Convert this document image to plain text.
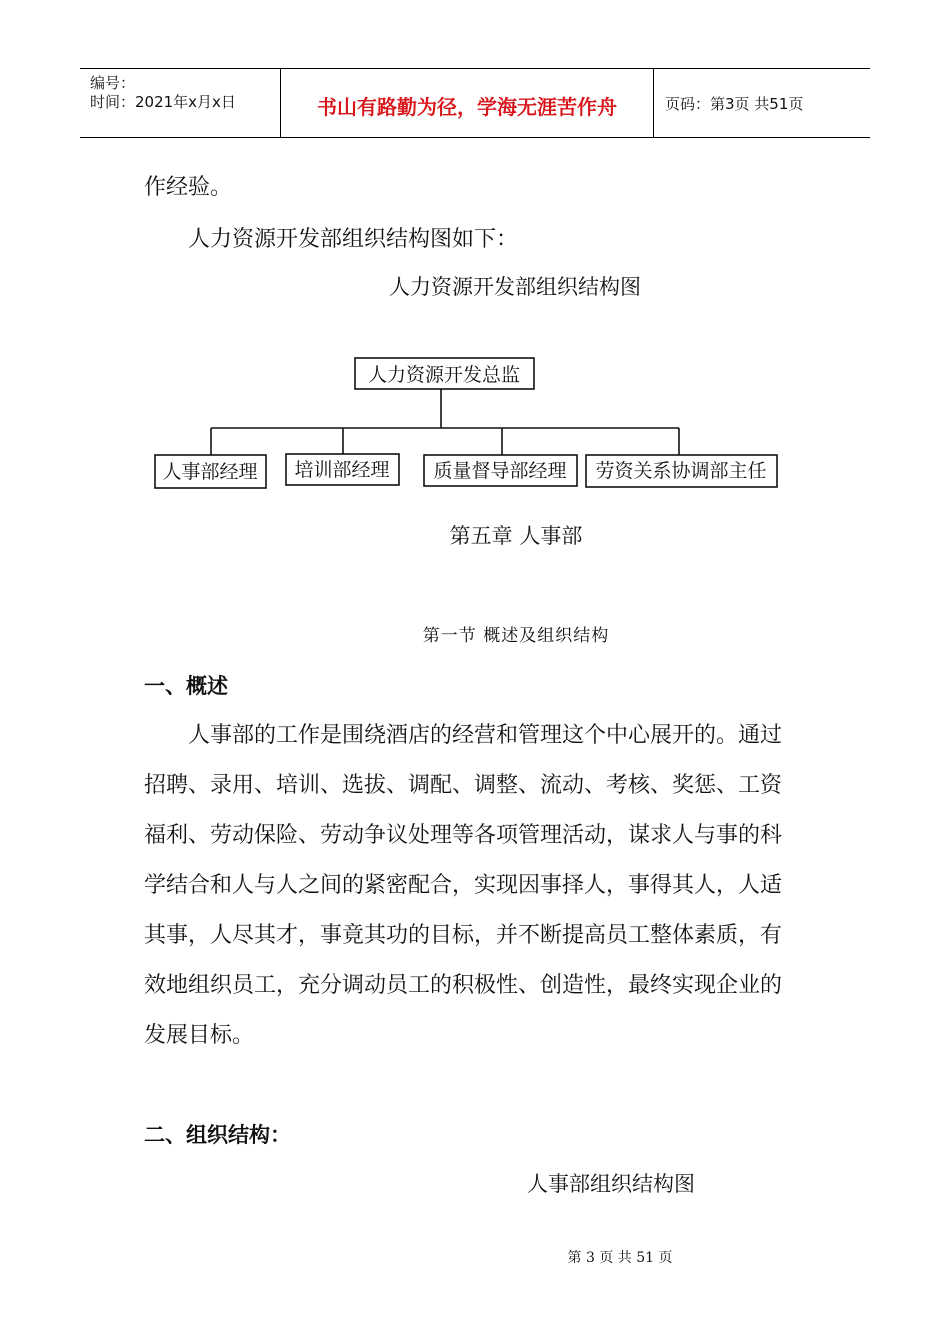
编号：
时间：2021年x月x日	书山有路勤为径，学海无涯苦作舟	页码：第3页 共51页
作经验。
人力资源开发部组织结构图如下：
人力资源开发部组织结构图
人力资源开发总监
人事部经理 培训部经理 质量督导部经理 劳资关系协调部主任
第五章 人事部
第一节 概述及组织结构
一、概述
人事部的工作是围绕酒店的经营和管理这个中心展开的。通过
招聘、录用、培训、选拔、调配、调整、流动、考核、奖惩、工资
福利、劳动保险、劳动争议处理等各项管理活动，谋求人与事的科
学结合和人与人之间的紧密配合，实现因事择人，事得其人，人适
其事，人尽其才，事竟其功的目标，并不断提高员工整体素质，有
效地组织员工，充分调动员工的积极性、创造性，最终实现企业的
发展目标。
二、组织结构：
人事部组织结构图
第 3 页 共 51 页
